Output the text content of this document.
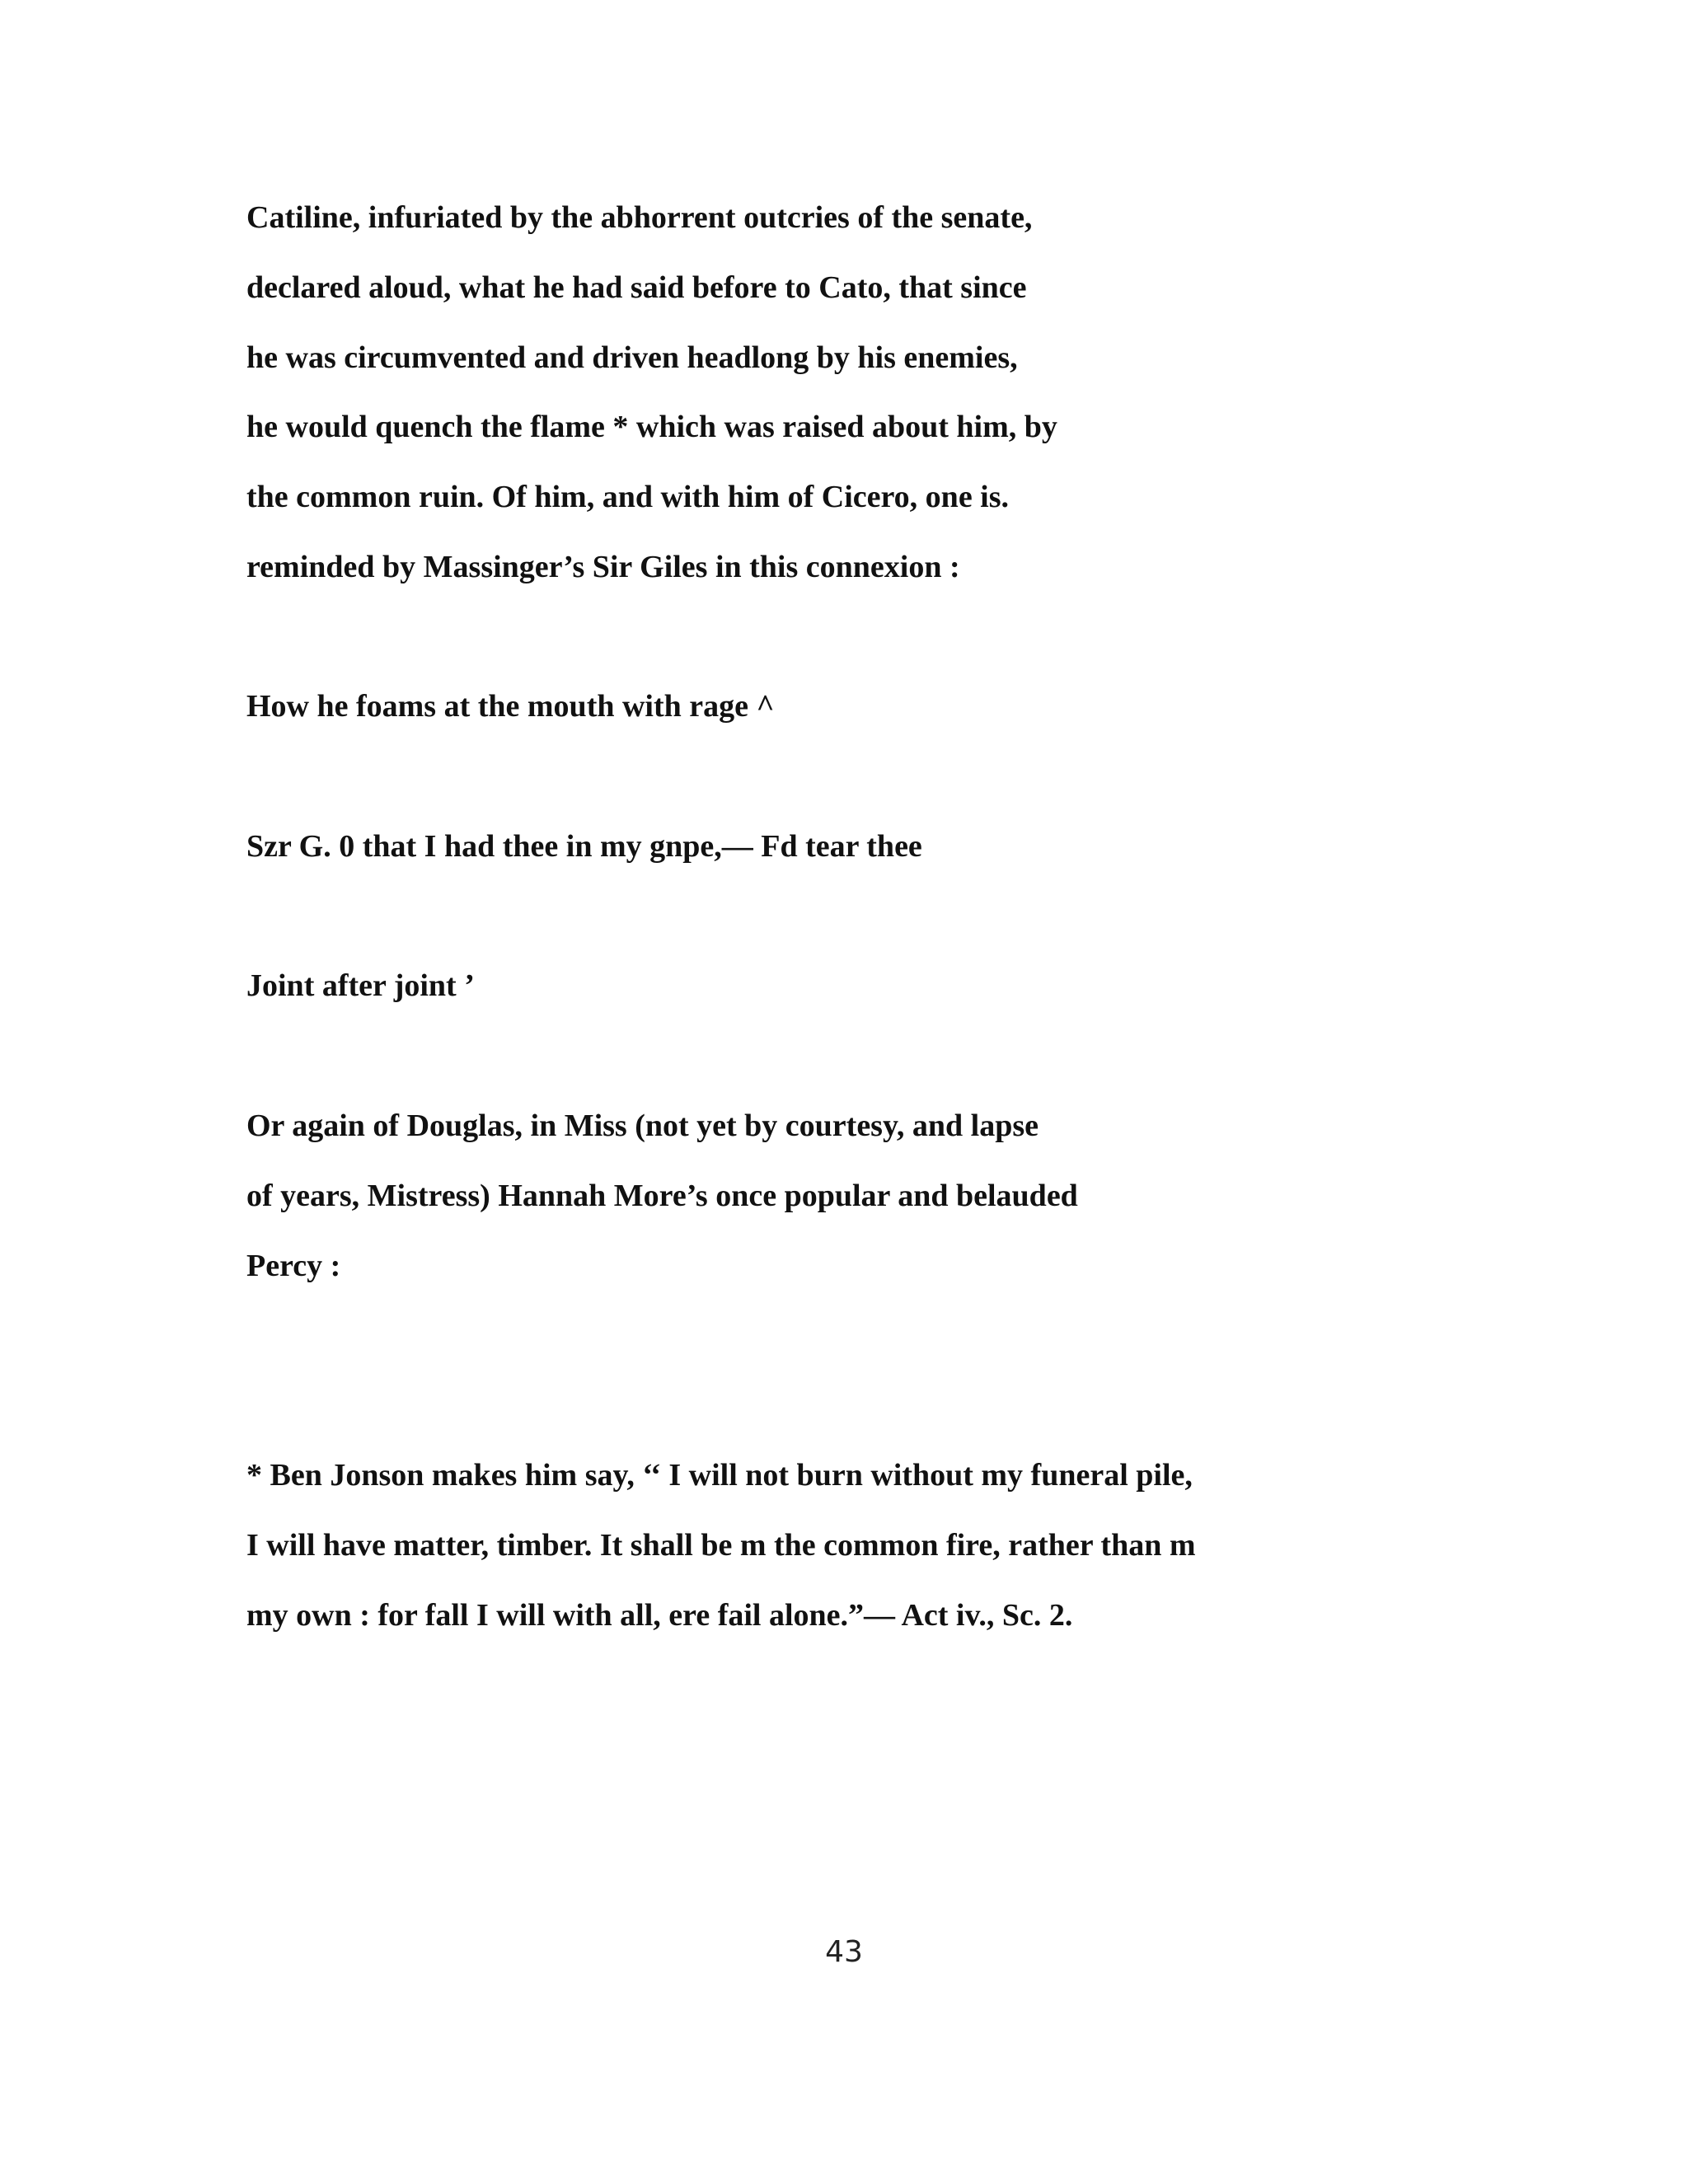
Catiline, infuriated by the abhorrent outcries of the senate,

declared aloud, what he had said before to Cato, that since

he was circumvented and driven headlong by his enemies,

he would quench the flame * which was raised about him, by

the common ruin. Of him, and with him of Cicero, one is.

reminded by Massinger’s Sir Giles in this connexion :

How he foams at the mouth with rage ^

Szr G. 0 that I had thee in my gnpe,— Fd tear thee

Joint after joint ’

Or again of Douglas, in Miss (not yet by courtesy, and lapse

of years, Mistress) Hannah More’s once popular and belauded

Percy :

* Ben Jonson makes him say, ‘‘ I will not burn without my funeral pile,

I will have matter, timber. It shall be m the common fire, rather than m

my own : for fall I will with all, ere fail alone.”— Act iv., Sc. 2.

43
